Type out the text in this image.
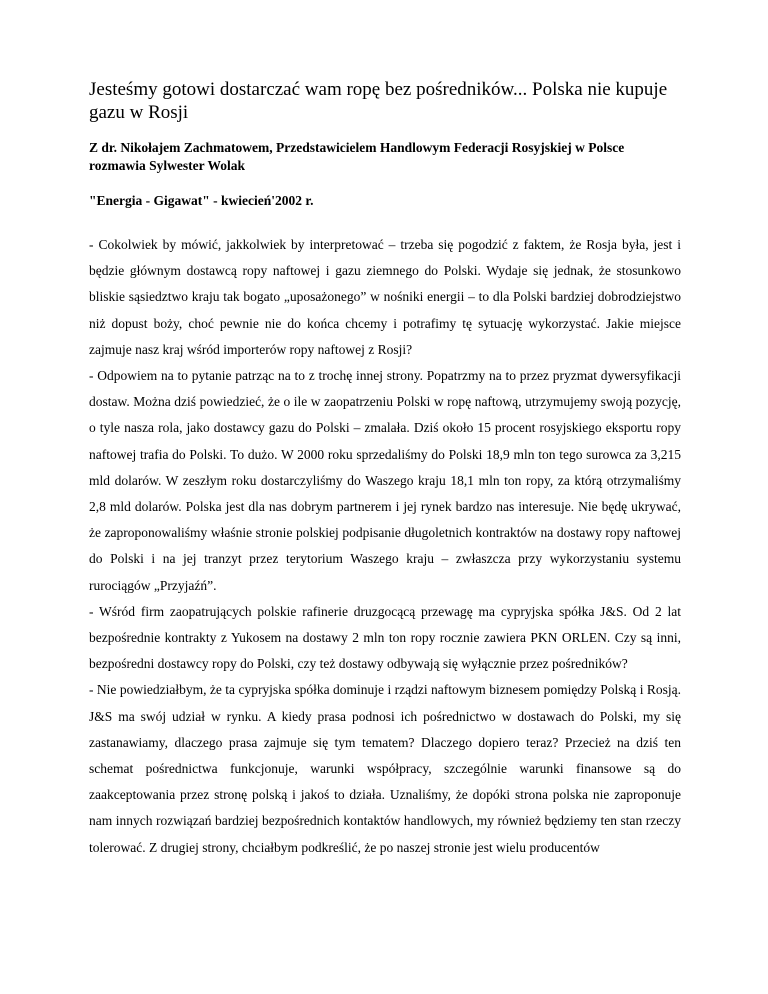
Jesteśmy gotowi dostarczać wam ropę bez pośredników... Polska nie kupuje gazu w Rosji

Z dr. Nikołajem Zachmatowem, Przedstawicielem Handlowym Federacji Rosyjskiej w Polsce rozmawia Sylwester Wolak

"Energia - Gigawat" - kwiecień'2002 r.

- Cokolwiek by mówić, jakkolwiek by interpretować – trzeba się pogodzić z faktem, że Rosja była, jest i będzie głównym dostawcą ropy naftowej i gazu ziemnego do Polski. Wydaje się jednak, że stosunkowo bliskie sąsiedztwo kraju tak bogato „uposażonego” w nośniki energii – to dla Polski bardziej dobrodziejstwo niż dopust boży, choć pewnie nie do końca chcemy i potrafimy tę sytuację wykorzystać. Jakie miejsce zajmuje nasz kraj wśród importerów ropy naftowej z Rosji?

- Odpowiem na to pytanie patrząc na to z trochę innej strony. Popatrzmy na to przez pryzmat dywersyfikacji dostaw. Można dziś powiedzieć, że o ile w zaopatrzeniu Polski w ropę naftową, utrzymujemy swoją pozycję, o tyle nasza rola, jako dostawcy gazu do Polski – zmalała. Dziś około 15 procent rosyjskiego eksportu ropy naftowej trafia do Polski. To dużo. W 2000 roku sprzedaliśmy do Polski 18,9 mln ton tego surowca za 3,215 mld dolarów. W zeszłym roku dostarczyliśmy do Waszego kraju 18,1 mln ton ropy, za którą otrzymaliśmy 2,8 mld dolarów. Polska jest dla nas dobrym partnerem i jej rynek bardzo nas interesuje. Nie będę ukrywać, że zaproponowaliśmy właśnie stronie polskiej podpisanie długoletnich kontraktów na dostawy ropy naftowej do Polski i na jej tranzyt przez terytorium Waszego kraju – zwłaszcza przy wykorzystaniu systemu rurociągów „Przyjaźń”.

- Wśród firm zaopatrujących polskie rafinerie druzgocącą przewagę ma cypryjska spółka J&S. Od 2 lat bezpośrednie kontrakty z Yukosem na dostawy 2 mln ton ropy rocznie zawiera PKN ORLEN. Czy są inni, bezpośredni dostawcy ropy do Polski, czy też dostawy odbywają się wyłącznie przez pośredników?

- Nie powiedziałbym, że ta cypryjska spółka dominuje i rządzi naftowym biznesem pomiędzy Polską i Rosją. J&S ma swój udział w rynku. A kiedy prasa podnosi ich pośrednictwo w dostawach do Polski, my się zastanawiamy, dlaczego prasa zajmuje się tym tematem? Dlaczego dopiero teraz? Przecież na dziś ten schemat pośrednictwa funkcjonuje, warunki współpracy, szczególnie warunki finansowe są do zaakceptowania przez stronę polską i jakoś to działa. Uznaliśmy, że dopóki strona polska nie zaproponuje nam innych rozwiązań bardziej bezpośrednich kontaktów handlowych, my również będziemy ten stan rzeczy tolerować. Z drugiej strony, chciałbym podkreślić, że po naszej stronie jest wielu producentów
